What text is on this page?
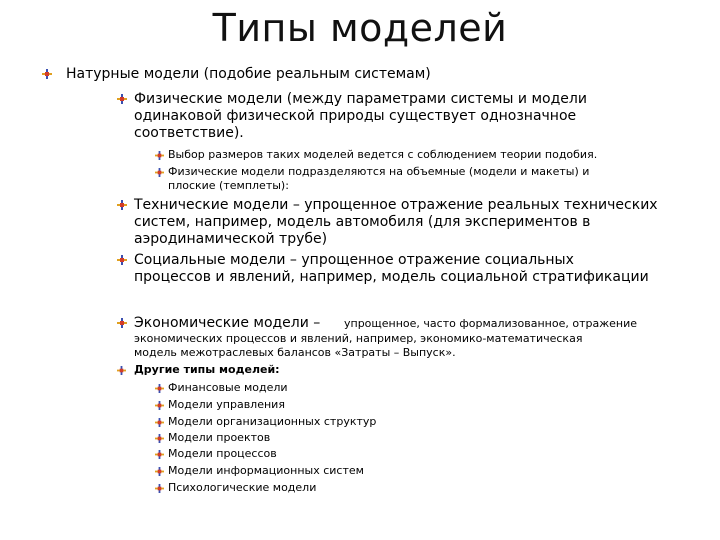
Типы моделей
Натурные модели (подобие реальным системам)
Физические модели (между параметрами системы и модели
одинаковой физической природы существует однозначное
соответствие).
Выбор размеров таких моделей ведется с соблюдением теории подобия.
Физические модели подразделяются на объемные (модели и макеты) и
плоские (темплеты):
Технические модели – упрощенное отражение реальных технических
систем, например, модель автомобиля (для экспериментов в
аэродинамической трубе)
Социальные модели – упрощенное отражение социальных
процессов и явлений, например, модель социальной стратификации
Экономические модели – упрощенное, часто формализованное, отражение
экономических процессов и явлений, например, экономико-математическая
модель межотраслевых балансов «Затраты – Выпуск».
Другие типы моделей:
Финансовые модели
Модели управления
Модели организационных структур
Модели проектов
Модели процессов
Модели информационных систем
Психологические модели
